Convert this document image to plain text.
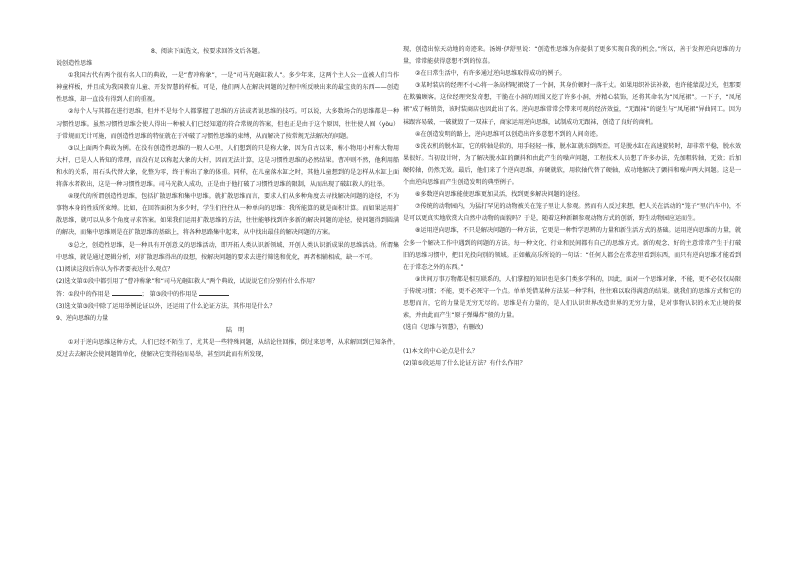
8、阅读下面选文，按要求回答文后各题。

说创造性思维

①我国古代有两个很有名人口的典故，一是“曹冲称象”，一是“司马光砸缸救人”。多少年来，这两个主人公一直被人们当作神童样板，并且成为我国教育儿童、开发智慧的样板。可是，他们两人在解决问题的过程中所反映出来的最宝贵的东西——创造性思维，却一直没有得到人们的重视。

②每个人与其都在进行思维，但并不是每个人都掌握了思维的方法或者说思维的技巧。可以说，大多数场合的思维都是一种习惯性思维。虽然习惯性思维会使人得出一种被人们已经知道的符合常规的答案，但也正是由于这个原因，往往使人囿（yòu）于常规而无计可施，而创造性思维的特征就在于冲破了习惯性思维的束缚，从而解决了按常规无法解决的问题。

③以上面两个典故为例。在没有创造性思维的一般人心里，人们想到的只是称大象，因为自古以来，称小物用小杆称大物用大杆，已是人人皆知的常理，而没有足以称起大象的大杆，因而无法计算，这是习惯性思维的必然结果。曹冲则不然，他利用船和水的关系，用石头代替大象，化整为零，终于称出了象的体重。同样，在儿童落水缸之时，其他儿童想到的是怎样从水缸上面将落水者救出，这是一种习惯性思维。司马光救人成功，正是由于他打破了习惯性思维的限制，从而出现了破缸救人的壮举。

④现代的所谓创造性思维，包括扩散思维和集中思维。就扩散思维而言，要求人们从多种角度去寻找解决问题的途径，不为事物本身的性质所束缚。比如，在回答面积为多少时，学生们往往从一种单向的思维：我所能算的就是面积计算。而如果运用扩散思维，就可以从多个角度寻求答案。如果我们运用扩散思维的方法，往往能够找到许多新的解决问题的途径，使问题得到圆满的解决，而集中思维则是在扩散思维的基础上，将各种思路集中起来，从中找出最佳的解决问题的方案。

⑤总之，创造性思维，是一种具有开创意义的思维活动，即开拓人类认识新领域、开创人类认识新成果的思维活动。所谓集中思维，就是通过逻辑分析，对扩散思维得出的设想，按解决问题的要求去进行筛选和优化，再者相辅相成，缺一不可。

(1)阅读这段后你认为作者要表达什么观点？

(2)选文第①段中都引用了“曹冲称象”和“司马光砸缸救人”两个典故，试说说它们分别有什么作用？

答：①段中的作用是	； 第③段中的作用是

(3)选文第③段中除了运用举例论证以外，还运用了什么论证方法，其作用是什么？

9、逆向思维的力量

陆　明

①对于逆向思维这种方式，人们已经不陌生了，尤其是一些特殊问题，从结论往回推，倒过来思考，从求解回到已知条件，反过去去解决会使问题简单化，使解决它变得轻而易举，甚至因此而有所发现，

现，创造出惊天动地的奇迹来。汤姆·伊舒里说：“创造性思维为你提供了更多实现自我的机会。”所以，善于发挥逆向思维的力量，常常能获得意想不到的惊喜。

②在日常生活中，有许多通过逆向思维取得成功的例子。

③某时装店的经理不小心将一条高档呢裙烧了一个洞，其身价顿时一落千丈。如果用织补法补救，也许能蒙混过关，但那要在欺骗顾客。这位经理突发奇想，干脆在小洞的周围又挖了许多小洞，并精心装饰，还将其命名为“凤尾裙”。一下子，“凤尾裙”成了畅销货，该时装商店也因此出了名。逆向思维常常会带来可观的经济效益，“无跟袜”的诞生与“凤尾裙”异曲同工。因为袜跟容易破，一破就毁了一双袜子，商家运用逆向思维，试制成功无跟袜，创造了良好的商机。

④在创造发明的路上，逆向思维可以创造出许多意想不到的人间奇迹。

⑤洗衣机的脱水缸，它的转轴是软的，用手轻轻一推，脱水缸就东倒西歪。可是脱水缸在高速旋转时，却非常平稳，脱水效果很好。当初设计时，为了解决脱水缸的颤抖和由此产生的噪声问题，工程技术人员想了许多办法，先加粗转轴，无效；后加硬转轴，仍然无效。最后，他们来了个逆向思维，弃硬就软，用软轴代替了硬轴，成功地解决了颤抖和噪声两大问题。这是一个由逆向思维而产生创造发明的典型例子。

⑥多数逆向思维能使思维更加灵活，找到更多解决问题的途径。

⑦传统的动物园内，为猛打罕见的动物被关在笼子里让人参观。然而有人反过来想，把人关在活动的“笼子”里(汽车中)，不是可以更真实地欣赏大自然中动物的面貌吗？于是，随着这种新颖参观动物方式的创新，野生动物园应运而生。

⑧运用逆向思维，不只是解决问题的一种方法，它更是一种哲学思辨的力量和新生活方式的基础。运用逆向思维的力量，就会多一个解决工作中遇到的问题的方法。每一种文化、行业和民间都有自己的思维方式。新的观念、好的主意常常产生于打破旧的思维习惯中，把目光投向别的领域。正如戴高乐所说的一句话：“任何人都会在常态里看到东西，而只有逆向思维才能看到在于常态之外的东西。”

⑨世间万事万物都是相互联系的，人们掌握的知识也是多门类多学科的，因此，面对一个思维对象，不能，更不必仅仅局限于传统习惯；不能，更不必死守一个点。单单凭借某种方法某一种学科，往往难以取得满意的结果。就我们的思维方式和它的思想而言，它的力量是无穷无尽的。思维是有力量的，是人们认识世界改造世界的无穷力量，是对事物认识的永无止境的探索，并由此而产生“原子弹爆炸”般的力量。

(选自《思维与智慧》，有删改)

(1)本文的中心论点是什么？

(2)第⑤段运用了什么论证方法？有什么作用？
